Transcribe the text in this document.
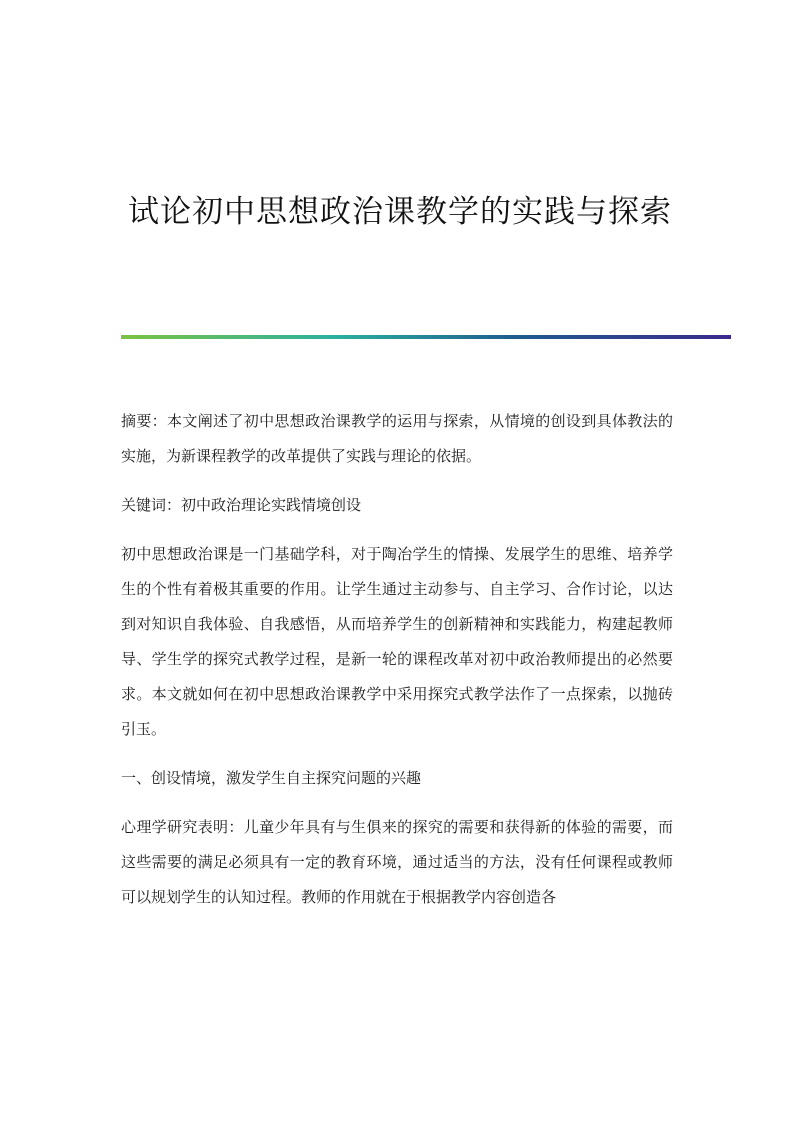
试论初中思想政治课教学的实践与探索

摘要：本文阐述了初中思想政治课教学的运用与探索，从情境的创设到具体教法的实施，为新课程教学的改革提供了实践与理论的依据。

关键词：初中政治理论实践情境创设

初中思想政治课是一门基础学科，对于陶冶学生的情操、发展学生的思维、培养学生的个性有着极其重要的作用。让学生通过主动参与、自主学习、合作讨论，以达到对知识自我体验、自我感悟，从而培养学生的创新精神和实践能力，构建起教师导、学生学的探究式教学过程，是新一轮的课程改革对初中政治教师提出的必然要求。本文就如何在初中思想政治课教学中采用探究式教学法作了一点探索，以抛砖引玉。

一、创设情境，激发学生自主探究问题的兴趣

心理学研究表明：儿童少年具有与生俱来的探究的需要和获得新的体验的需要，而这些需要的满足必须具有一定的教育环境，通过适当的方法，没有任何课程或教师可以规划学生的认知过程。教师的作用就在于根据教学内容创造各
